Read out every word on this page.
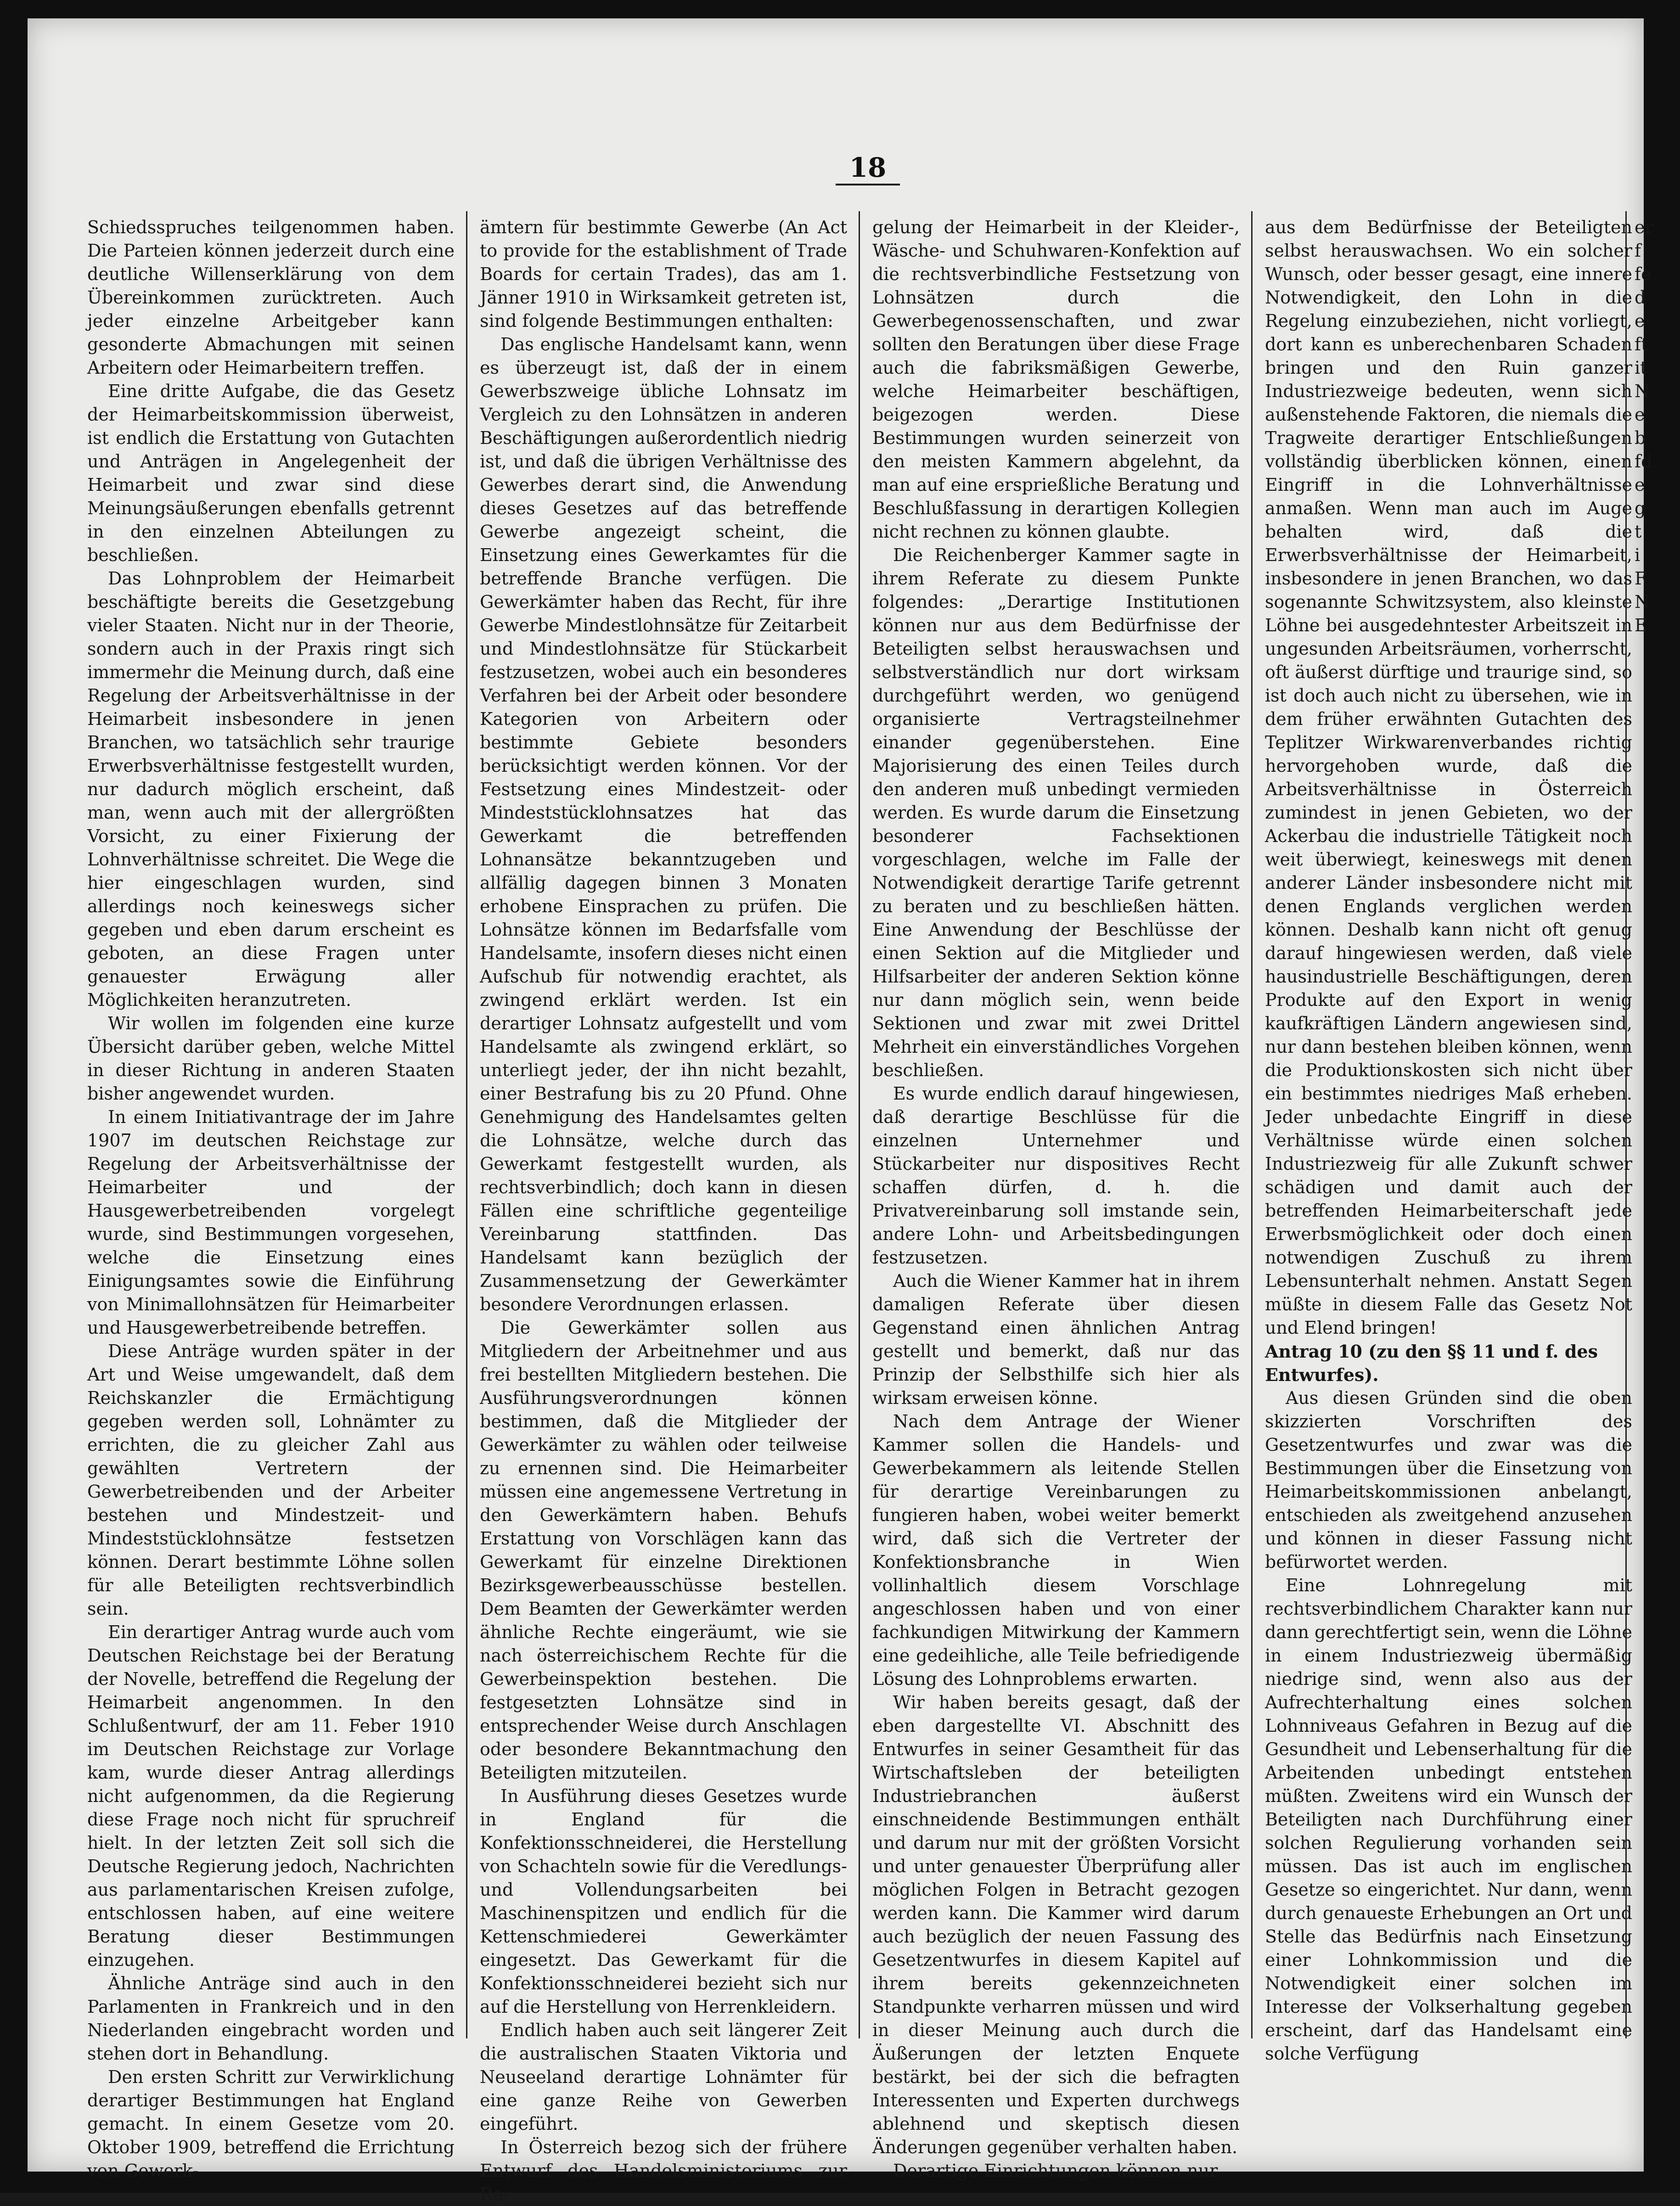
18

Schiedsspruches teilgenommen haben. Die Parteien können jederzeit durch eine deutliche Willenserklärung von dem Übereinkommen zurücktreten. Auch jeder einzelne Arbeitgeber kann gesonderte Abmachungen mit seinen Arbeitern oder Heimarbeitern treffen.

Eine dritte Aufgabe, die das Gesetz der Heimarbeitskommission überweist, ist endlich die Erstattung von Gutachten und Anträgen in Angelegenheit der Heimarbeit und zwar sind diese Meinungsäußerungen ebenfalls getrennt in den einzelnen Abteilungen zu beschließen.

Das Lohnproblem der Heimarbeit beschäftigte bereits die Gesetzgebung vieler Staaten. Nicht nur in der Theorie, sondern auch in der Praxis ringt sich immermehr die Meinung durch, daß eine Regelung der Arbeitsverhältnisse in der Heimarbeit insbesondere in jenen Branchen, wo tatsächlich sehr traurige Erwerbsverhältnisse festgestellt wurden, nur dadurch möglich erscheint, daß man, wenn auch mit der allergrößten Vorsicht, zu einer Fixierung der Lohnverhältnisse schreitet. Die Wege die hier eingeschlagen wurden, sind allerdings noch keineswegs sicher gegeben und eben darum erscheint es geboten, an diese Fragen unter genauester Erwägung aller Möglichkeiten heranzutreten.

Wir wollen im folgenden eine kurze Übersicht darüber geben, welche Mittel in dieser Richtung in anderen Staaten bisher angewendet wurden.

In einem Initiativantrage der im Jahre 1907 im deutschen Reichstage zur Regelung der Arbeitsverhältnisse der Heimarbeiter und der Hausgewerbetreibenden vorgelegt wurde, sind Bestimmungen vorgesehen, welche die Einsetzung eines Einigungsamtes sowie die Einführung von Minimallohnsätzen für Heimarbeiter und Hausgewerbetreibende betreffen.

Diese Anträge wurden später in der Art und Weise umgewandelt, daß dem Reichskanzler die Ermächtigung gegeben werden soll, Lohnämter zu errichten, die zu gleicher Zahl aus gewählten Vertretern der Gewerbetreibenden und der Arbeiter bestehen und Mindestzeit- und Mindeststücklohnsätze festsetzen können. Derart bestimmte Löhne sollen für alle Beteiligten rechtsverbindlich sein.

Ein derartiger Antrag wurde auch vom Deutschen Reichstage bei der Beratung der Novelle, betreffend die Regelung der Heimarbeit angenommen. In den Schlußentwurf, der am 11. Feber 1910 im Deutschen Reichstage zur Vorlage kam, wurde dieser Antrag allerdings nicht aufgenommen, da die Regierung diese Frage noch nicht für spruchreif hielt. In der letzten Zeit soll sich die Deutsche Regierung jedoch, Nachrichten aus parlamentarischen Kreisen zufolge, entschlossen haben, auf eine weitere Beratung dieser Bestimmungen einzugehen.

Ähnliche Anträge sind auch in den Parlamenten in Frankreich und in den Niederlanden eingebracht worden und stehen dort in Behandlung.

Den ersten Schritt zur Verwirklichung derartiger Bestimmungen hat England gemacht. In einem Gesetze vom 20. Oktober 1909, betreffend die Errichtung von Gewerk-

ämtern für bestimmte Gewerbe (An Act to provide for the establishment of Trade Boards for certain Trades), das am 1. Jänner 1910 in Wirksamkeit getreten ist, sind folgende Bestimmungen enthalten:

Das englische Handelsamt kann, wenn es überzeugt ist, daß der in einem Gewerbszweige übliche Lohnsatz im Vergleich zu den Lohnsätzen in anderen Beschäftigungen außerordentlich niedrig ist, und daß die übrigen Verhältnisse des Gewerbes derart sind, die Anwendung dieses Gesetzes auf das betreffende Gewerbe angezeigt scheint, die Einsetzung eines Gewerkamtes für die betreffende Branche verfügen. Die Gewerkämter haben das Recht, für ihre Gewerbe Mindestlohnsätze für Zeitarbeit und Mindestlohnsätze für Stückarbeit festzusetzen, wobei auch ein besonderes Verfahren bei der Arbeit oder besondere Kategorien von Arbeitern oder bestimmte Gebiete besonders berücksichtigt werden können. Vor der Festsetzung eines Mindestzeit- oder Mindeststücklohnsatzes hat das Gewerkamt die betreffenden Lohnansätze bekanntzugeben und allfällig dagegen binnen 3 Monaten erhobene Einsprachen zu prüfen. Die Lohnsätze können im Bedarfsfalle vom Handelsamte, insofern dieses nicht einen Aufschub für notwendig erachtet, als zwingend erklärt werden. Ist ein derartiger Lohnsatz aufgestellt und vom Handelsamte als zwingend erklärt, so unterliegt jeder, der ihn nicht bezahlt, einer Bestrafung bis zu 20 Pfund. Ohne Genehmigung des Handelsamtes gelten die Lohnsätze, welche durch das Gewerkamt festgestellt wurden, als rechtsverbindlich; doch kann in diesen Fällen eine schriftliche gegenteilige Vereinbarung stattfinden. Das Handelsamt kann bezüglich der Zusammensetzung der Gewerkämter besondere Verordnungen erlassen.

Die Gewerkämter sollen aus Mitgliedern der Arbeitnehmer und aus frei bestellten Mitgliedern bestehen. Die Ausführungsverordnungen können bestimmen, daß die Mitglieder der Gewerkämter zu wählen oder teilweise zu ernennen sind. Die Heimarbeiter müssen eine angemessene Vertretung in den Gewerkämtern haben. Behufs Erstattung von Vorschlägen kann das Gewerkamt für einzelne Direktionen Bezirksgewerbeausschüsse bestellen. Dem Beamten der Gewerkämter werden ähnliche Rechte eingeräumt, wie sie nach österreichischem Rechte für die Gewerbeinspektion bestehen. Die festgesetzten Lohnsätze sind in entsprechender Weise durch Anschlagen oder besondere Bekanntmachung den Beteiligten mitzuteilen.

In Ausführung dieses Gesetzes wurde in England für die Konfektionsschneiderei, die Herstellung von Schachteln sowie für die Veredlungs- und Vollendungsarbeiten bei Maschinenspitzen und endlich für die Kettenschmiederei Gewerkämter eingesetzt. Das Gewerkamt für die Konfektionsschneiderei bezieht sich nur auf die Herstellung von Herrenkleidern.

Endlich haben auch seit längerer Zeit die australischen Staaten Viktoria und Neuseeland derartige Lohnämter für eine ganze Reihe von Gewerben eingeführt.

In Österreich bezog sich der frühere Entwurf des Handelsministeriums zur Re-

gelung der Heimarbeit in der Kleider-, Wäsche- und Schuhwaren-Konfektion auf die rechtsverbindliche Festsetzung von Lohnsätzen durch die Gewerbegenossenschaften, und zwar sollten den Beratungen über diese Frage auch die fabriksmäßigen Gewerbe, welche Heimarbeiter beschäftigen, beigezogen werden. Diese Bestimmungen wurden seinerzeit von den meisten Kammern abgelehnt, da man auf eine ersprießliche Beratung und Beschlußfassung in derartigen Kollegien nicht rechnen zu können glaubte.

Die Reichenberger Kammer sagte in ihrem Referate zu diesem Punkte folgendes: „Derartige Institutionen können nur aus dem Bedürfnisse der Beteiligten selbst herauswachsen und selbstverständlich nur dort wirksam durchgeführt werden, wo genügend organisierte Vertragsteilnehmer einander gegenüberstehen. Eine Majorisierung des einen Teiles durch den anderen muß unbedingt vermieden werden. Es wurde darum die Einsetzung besonderer Fachsektionen vorgeschlagen, welche im Falle der Notwendigkeit derartige Tarife getrennt zu beraten und zu beschließen hätten. Eine Anwendung der Beschlüsse der einen Sektion auf die Mitglieder und Hilfsarbeiter der anderen Sektion könne nur dann möglich sein, wenn beide Sektionen und zwar mit zwei Drittel Mehrheit ein einverständliches Vorgehen beschließen.

Es wurde endlich darauf hingewiesen, daß derartige Beschlüsse für die einzelnen Unternehmer und Stückarbeiter nur dispositives Recht schaffen dürfen, d. h. die Privatvereinbarung soll imstande sein, andere Lohn- und Arbeitsbedingungen festzusetzen.

Auch die Wiener Kammer hat in ihrem damaligen Referate über diesen Gegenstand einen ähnlichen Antrag gestellt und bemerkt, daß nur das Prinzip der Selbsthilfe sich hier als wirksam erweisen könne.

Nach dem Antrage der Wiener Kammer sollen die Handels- und Gewerbekammern als leitende Stellen für derartige Vereinbarungen zu fungieren haben, wobei weiter bemerkt wird, daß sich die Vertreter der Konfektionsbranche in Wien vollinhaltlich diesem Vorschlage angeschlossen haben und von einer fachkundigen Mitwirkung der Kammern eine gedeihliche, alle Teile befriedigende Lösung des Lohnproblems erwarten.

Wir haben bereits gesagt, daß der eben dargestellte VI. Abschnitt des Entwurfes in seiner Gesamtheit für das Wirtschaftsleben der beteiligten Industriebranchen äußerst einschneidende Bestimmungen enthält und darum nur mit der größten Vorsicht und unter genauester Überprüfung aller möglichen Folgen in Betracht gezogen werden kann. Die Kammer wird darum auch bezüglich der neuen Fassung des Gesetzentwurfes in diesem Kapitel auf ihrem bereits gekennzeichneten Standpunkte verharren müssen und wird in dieser Meinung auch durch die Äußerungen der letzten Enquete bestärkt, bei der sich die befragten Interessenten und Experten durchwegs ablehnend und skeptisch diesen Änderungen gegenüber verhalten haben.

Derartige Einrichtungen können nur

aus dem Bedürfnisse der Beteiligten selbst herauswachsen. Wo ein solcher Wunsch, oder besser gesagt, eine innere Notwendigkeit, den Lohn in die Regelung einzubeziehen, nicht vorliegt, dort kann es unberechenbaren Schaden bringen und den Ruin ganzer Industriezweige bedeuten, wenn sich außenstehende Faktoren, die niemals die Tragweite derartiger Entschließungen vollständig überblicken können, einen Eingriff in die Lohnverhältnisse anmaßen. Wenn man auch im Auge behalten wird, daß die Erwerbsverhältnisse der Heimarbeit, insbesondere in jenen Branchen, wo das sogenannte Schwitzsystem, also kleinste Löhne bei ausgedehntester Arbeitszeit in ungesunden Arbeitsräumen, vorherrscht, oft äußerst dürftige und traurige sind, so ist doch auch nicht zu übersehen, wie in dem früher erwähnten Gutachten des Teplitzer Wirkwarenverbandes richtig hervorgehoben wurde, daß die Arbeitsverhältnisse in Österreich zumindest in jenen Gebieten, wo der Ackerbau die industrielle Tätigkeit noch weit überwiegt, keineswegs mit denen anderer Länder insbesondere nicht mit denen Englands verglichen werden können. Deshalb kann nicht oft genug darauf hingewiesen werden, daß viele hausindustrielle Beschäftigungen, deren Produkte auf den Export in wenig kaufkräftigen Ländern angewiesen sind, nur dann bestehen bleiben können, wenn die Produktionskosten sich nicht über ein bestimmtes niedriges Maß erheben. Jeder unbedachte Eingriff in diese Verhältnisse würde einen solchen Industriezweig für alle Zukunft schwer schädigen und damit auch der betreffenden Heimarbeiterschaft jede Erwerbsmöglichkeit oder doch einen notwendigen Zuschuß zu ihrem Lebensunterhalt nehmen. Anstatt Segen müßte in diesem Falle das Gesetz Not und Elend bringen!

Antrag 10 (zu den §§ 11 und f. des Entwurfes).

Aus diesen Gründen sind die oben skizzierten Vorschriften des Gesetzentwurfes und zwar was die Bestimmungen über die Einsetzung von Heimarbeitskommissionen anbelangt, entschieden als zweitgehend anzusehen und können in dieser Fassung nicht befürwortet werden.

Eine Lohnregelung mit rechtsverbindlichem Charakter kann nur dann gerechtfertigt sein, wenn die Löhne in einem Industriezweig übermäßig niedrige sind, wenn also aus der Aufrechterhaltung eines solchen Lohnniveaus Gefahren in Bezug auf die Gesundheit und Lebenserhaltung für die Arbeitenden unbedingt entstehen müßten. Zweitens wird ein Wunsch der Beteiligten nach Durchführung einer solchen Regulierung vorhanden sein müssen. Das ist auch im englischen Gesetze so eingerichtet. Nur dann, wenn durch genaueste Erhebungen an Ort und Stelle das Bedürfnis nach Einsetzung einer Lohnkommission und die Notwendigkeit einer solchen im Interesse der Volkserhaltung gegeben erscheint, darf das Handelsamt eine solche Verfügung

er
f
fe
d
e
ft
it
N
e
b
fd
e
g
t
i
F
N
E
